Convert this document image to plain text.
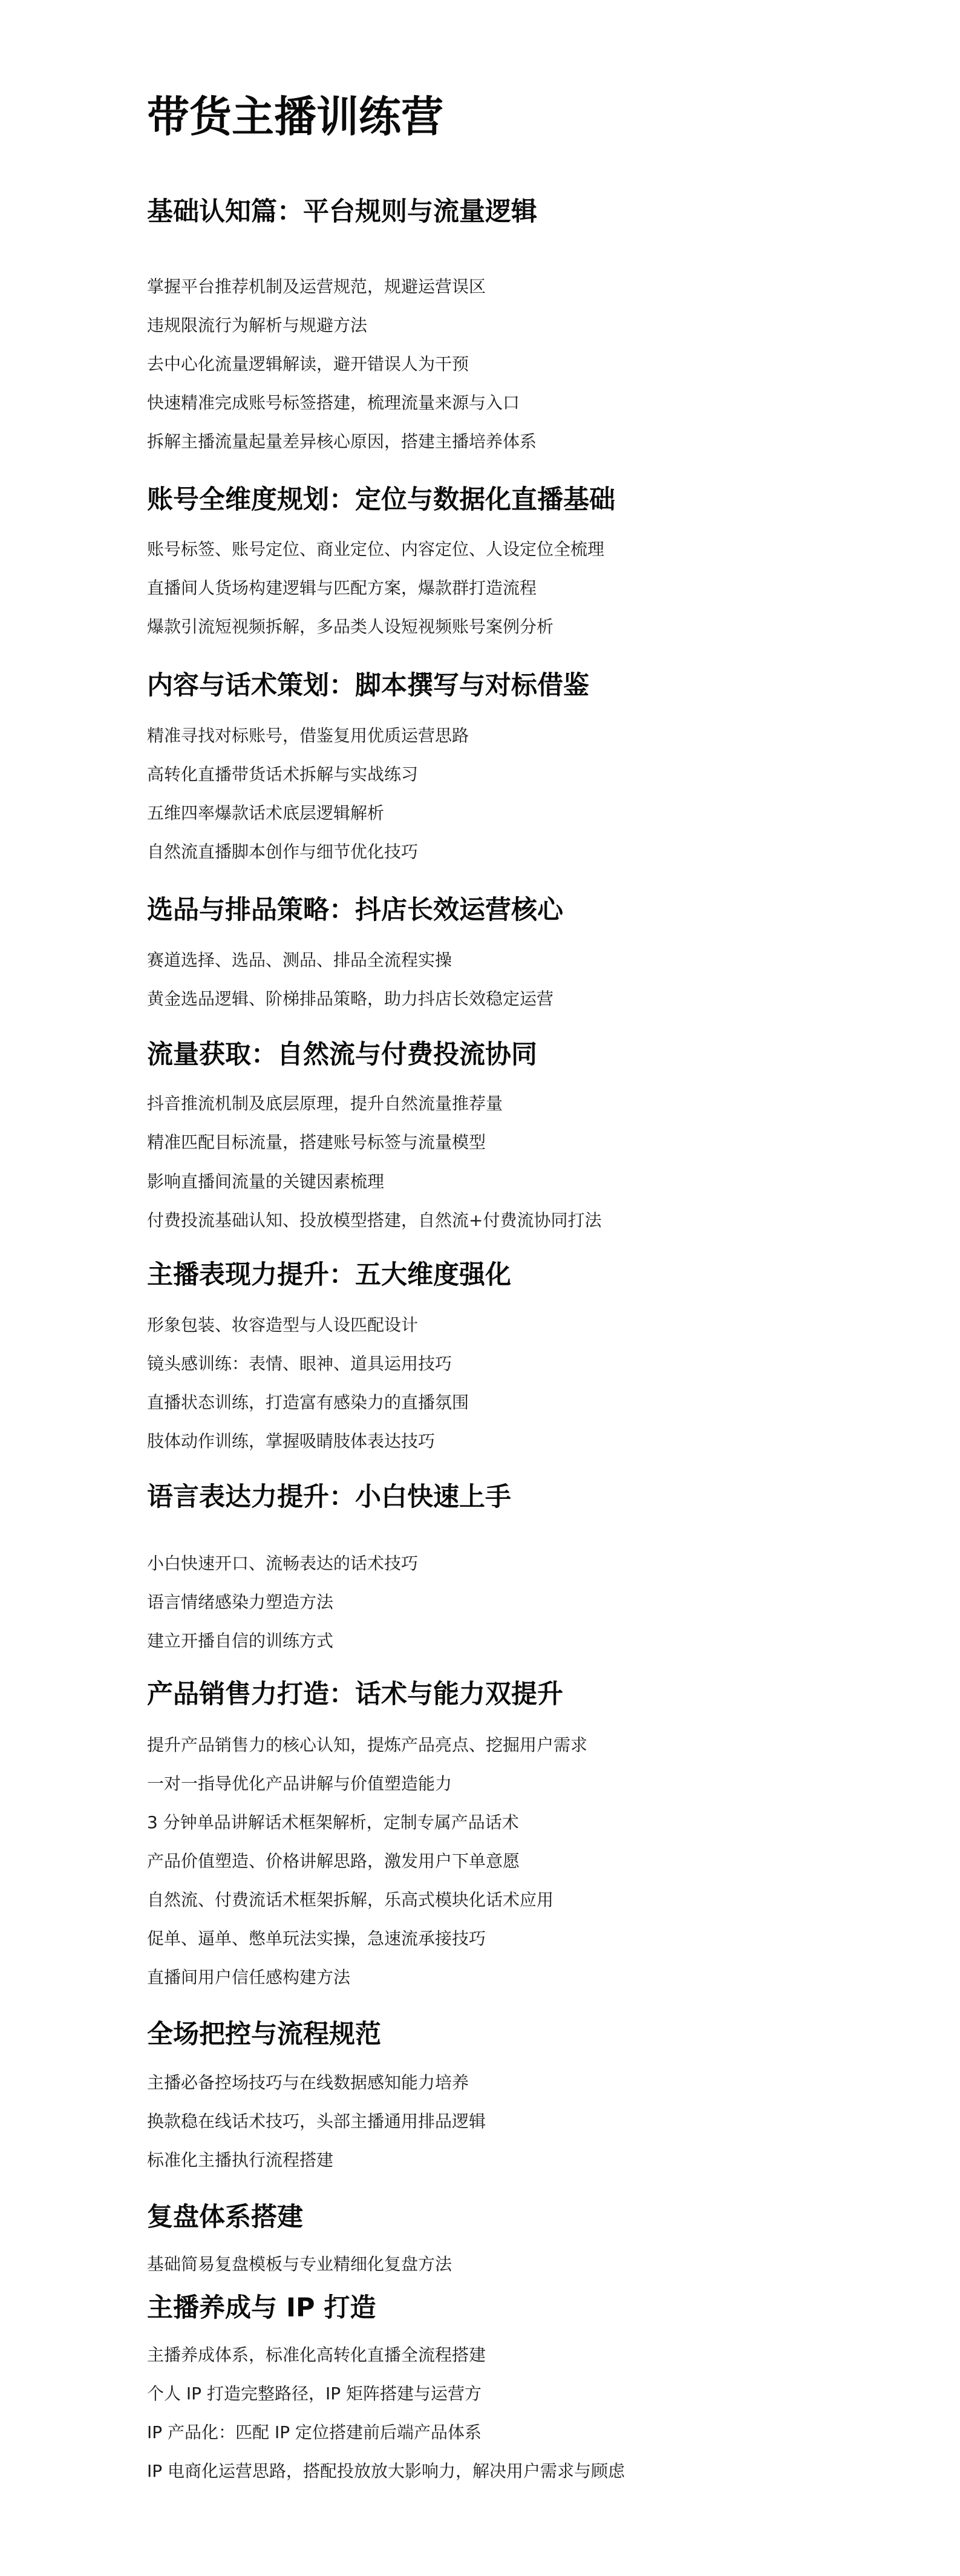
带货主播训练营
基础认知篇：平台规则与流量逻辑

掌握平台推荐机制及运营规范，规避运营误区

违规限流行为解析与规避方法

去中心化流量逻辑解读，避开错误人为干预

快速精准完成账号标签搭建，梳理流量来源与入口

拆解主播流量起量差异核心原因，搭建主播培养体系

账号全维度规划：定位与数据化直播基础

账号标签、账号定位、商业定位、内容定位、人设定位全梳理

直播间人货场构建逻辑与匹配方案，爆款群打造流程

爆款引流短视频拆解，多品类人设短视频账号案例分析

内容与话术策划：脚本撰写与对标借鉴

精准寻找对标账号，借鉴复用优质运营思路

高转化直播带货话术拆解与实战练习

五维四率爆款话术底层逻辑解析

自然流直播脚本创作与细节优化技巧

选品与排品策略：抖店长效运营核心

赛道选择、选品、测品、排品全流程实操

黄金选品逻辑、阶梯排品策略，助力抖店长效稳定运营

流量获取：自然流与付费投流协同

抖音推流机制及底层原理，提升自然流量推荐量

精准匹配目标流量，搭建账号标签与流量模型

影响直播间流量的关键因素梳理

付费投流基础认知、投放模型搭建，自然流+付费流协同打法

主播表现力提升：五大维度强化

形象包装、妆容造型与人设匹配设计

镜头感训练：表情、眼神、道具运用技巧

直播状态训练，打造富有感染力的直播氛围

肢体动作训练，掌握吸睛肢体表达技巧

语言表达力提升：小白快速上手

小白快速开口、流畅表达的话术技巧

语言情绪感染力塑造方法

建立开播自信的训练方式

产品销售力打造：话术与能力双提升

提升产品销售力的核心认知，提炼产品亮点、挖掘用户需求

一对一指导优化产品讲解与价值塑造能力

3 分钟单品讲解话术框架解析，定制专属产品话术

产品价值塑造、价格讲解思路，激发用户下单意愿

自然流、付费流话术框架拆解，乐高式模块化话术应用

促单、逼单、憋单玩法实操，急速流承接技巧

直播间用户信任感构建方法

全场把控与流程规范

主播必备控场技巧与在线数据感知能力培养

换款稳在线话术技巧，头部主播通用排品逻辑

标准化主播执行流程搭建

复盘体系搭建

基础简易复盘模板与专业精细化复盘方法

主播养成与 IP 打造

主播养成体系，标准化高转化直播全流程搭建

个人 IP 打造完整路径，IP 矩阵搭建与运营方

IP 产品化：匹配 IP 定位搭建前后端产品体系

IP 电商化运营思路，搭配投放放大影响力，解决用户需求与顾虑
